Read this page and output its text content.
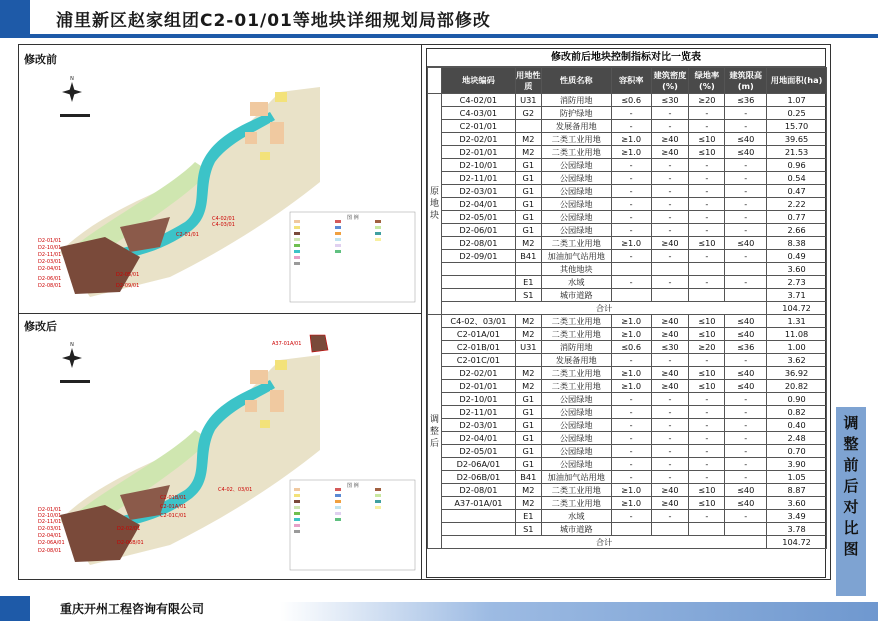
浦里新区赵家组团C2-01/01等地块详细规划局部修改
修改前
修改后
N
图 例
D2-01/01
D2-10/01
D2-11/01
D2-03/01
D2-04/01
D2-06/01
D2-08/01
D2-05/01
D2-09/01
C2-01/01
C4-02/01
C4-03/01
N
图 例
D2-01/01
D2-10/01
D2-11/01
D2-03/01
D2-04/01
D2-06A/01
D2-08/01
D2-02/01
D2-06B/01
C2-01B/01
C2-01A/01
C2-01C/01
C4-02、03/01
A37-01A/01
修改前后地块控制指标对比一览表
	地块编码	用地性质	性质名称	容积率	建筑密度(%)	绿地率(%)	建筑限高(m)	用地面积(ha)

原
地
块	C4-02/01	U31	消防用地	≤0.6	≤30	≥20	≤36	1.07
	C4-03/01	G2	防护绿地	-	-	-	-	0.25
	C2-01/01		发展备用地	-	-	-	-	15.70
	D2-02/01	M2	二类工业用地	≥1.0	≥40	≤10	≤40	39.65
	D2-01/01	M2	二类工业用地	≥1.0	≥40	≤10	≤40	21.53
	D2-10/01	G1	公园绿地	-	-	-	-	0.96
	D2-11/01	G1	公园绿地	-	-	-	-	0.54
	D2-03/01	G1	公园绿地	-	-	-	-	0.47
	D2-04/01	G1	公园绿地	-	-	-	-	2.22
	D2-05/01	G1	公园绿地	-	-	-	-	0.77
	D2-06/01	G1	公园绿地	-	-	-	-	2.66
	D2-08/01	M2	二类工业用地	≥1.0	≥40	≤10	≤40	8.38
	D2-09/01	B41	加油加气站用地	-	-	-	-	0.49
			其他地块					3.60
		E1	水域	-	-	-	-	2.73
		S1	城市道路					3.71
	合计							104.72

调
整
后	C4-02、03/01	M2	二类工业用地	≥1.0	≥40	≤10	≤40	1.31
	C2-01A/01	M2	二类工业用地	≥1.0	≥40	≤10	≤40	11.08
	C2-01B/01	U31	消防用地	≤0.6	≤30	≥20	≤36	1.00
	C2-01C/01		发展备用地	-	-	-	-	3.62
	D2-02/01	M2	二类工业用地	≥1.0	≥40	≤10	≤40	36.92
	D2-01/01	M2	二类工业用地	≥1.0	≥40	≤10	≤40	20.82
	D2-10/01	G1	公园绿地	-	-	-	-	0.90
	D2-11/01	G1	公园绿地	-	-	-	-	0.82
	D2-03/01	G1	公园绿地	-	-	-	-	0.40
	D2-04/01	G1	公园绿地	-	-	-	-	2.48
	D2-05/01	G1	公园绿地	-	-	-	-	0.70
	D2-06A/01	G1	公园绿地	-	-	-	-	3.90
	D2-06B/01	B41	加油加气站用地	-	-	-	-	1.05
	D2-08/01	M2	二类工业用地	≥1.0	≥40	≤10	≤40	8.87
	A37-01A/01	M2	二类工业用地	≥1.0	≥40	≤10	≤40	3.60
		E1	水域	-	-	-	-	3.49
		S1	城市道路					3.78
	合计							104.72
调
整
前
后
对
比
图
重庆开州工程咨询有限公司
